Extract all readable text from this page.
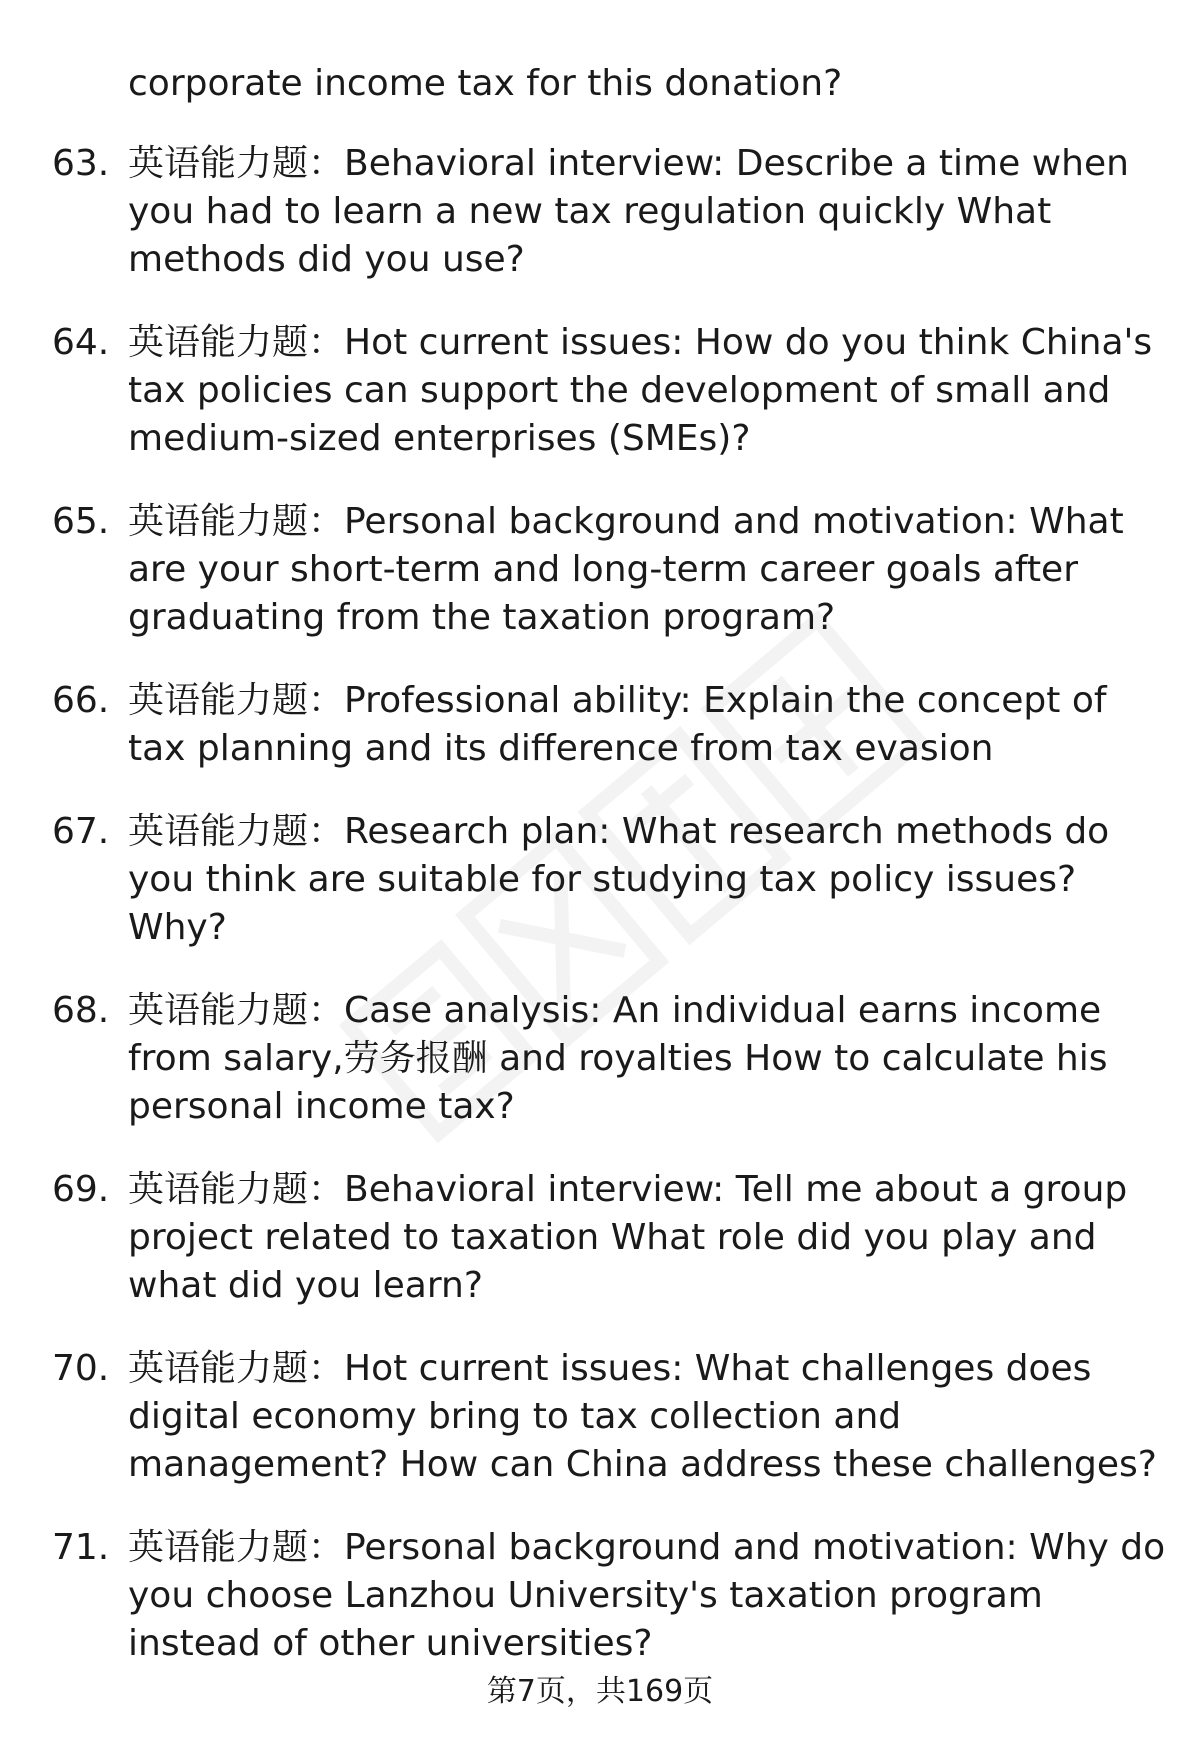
corporate income tax for this donation?
63. 英语能力题：Behavioral interview: Describe a time when you had to learn a new tax regulation quickly What methods did you use?
64. 英语能力题：Hot current issues: How do you think China's tax policies can support the development of small and medium-sized enterprises (SMEs)?
65. 英语能力题：Personal background and motivation: What are your short-term and long-term career goals after graduating from the taxation program?
66. 英语能力题：Professional ability: Explain the concept of tax planning and its difference from tax evasion
67. 英语能力题：Research plan: What research methods do you think are suitable for studying tax policy issues? Why?
68. 英语能力题：Case analysis: An individual earns income from salary,劳务报酬 and royalties How to calculate his personal income tax?
69. 英语能力题：Behavioral interview: Tell me about a group project related to taxation What role did you play and what did you learn?
70. 英语能力题：Hot current issues: What challenges does digital economy bring to tax collection and management? How can China address these challenges?
71. 英语能力题：Personal background and motivation: Why do you choose Lanzhou University's taxation program instead of other universities?
第7页，共169页
